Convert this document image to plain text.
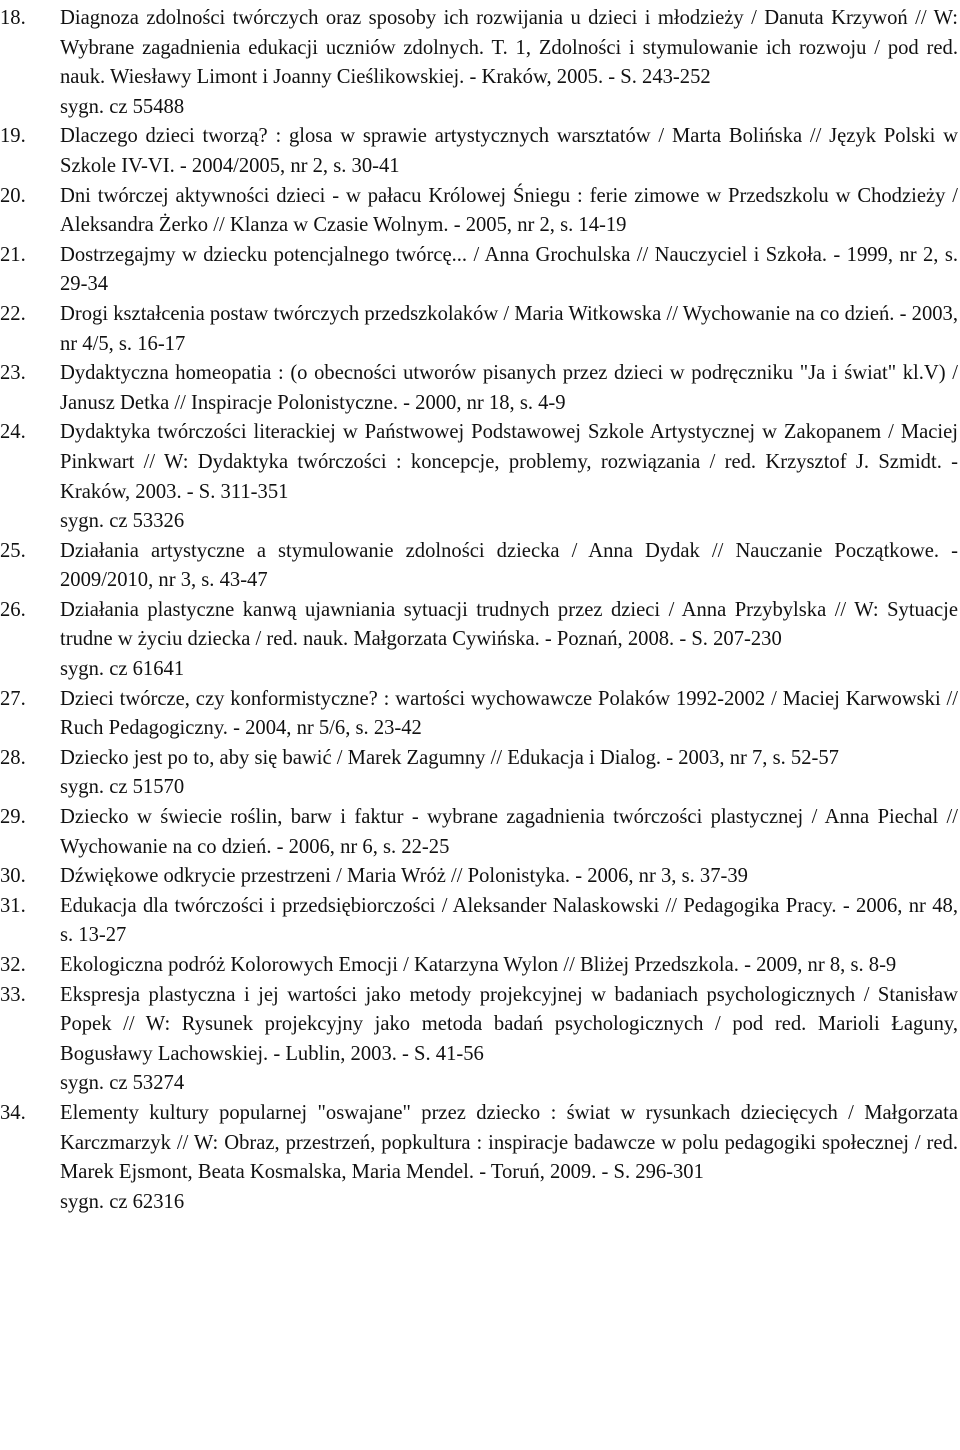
18.	Diagnoza zdolności twórczych oraz sposoby ich rozwijania u dzieci i młodzieży / Danuta Krzywoń // W: Wybrane zagadnienia edukacji uczniów zdolnych. T. 1, Zdolności i stymulowanie ich rozwoju / pod red. nauk. Wiesławy Limont i Joanny Cieślikowskiej. - Kraków, 2005. - S. 243-252
sygn. cz 55488
19.	Dlaczego dzieci tworzą? : glosa w sprawie artystycznych warsztatów / Marta Bolińska // Język Polski w Szkole IV-VI. - 2004/2005, nr 2, s. 30-41
20.	Dni twórczej aktywności dzieci - w pałacu Królowej Śniegu : ferie zimowe w Przedszkolu w Chodzieży / Aleksandra Żerko // Klanza w Czasie Wolnym. - 2005, nr 2, s. 14-19
21.	Dostrzegajmy w dziecku potencjalnego twórcę... / Anna Grochulska // Nauczyciel i Szkoła. - 1999, nr 2, s. 29-34
22.	Drogi kształcenia postaw twórczych przedszkolaków / Maria Witkowska // Wychowanie na co dzień. - 2003, nr 4/5, s. 16-17
23.	Dydaktyczna homeopatia : (o obecności utworów pisanych przez dzieci w podręczniku "Ja i świat" kl.V) / Janusz Detka // Inspiracje Polonistyczne. - 2000, nr 18, s. 4-9
24.	Dydaktyka twórczości literackiej w Państwowej Podstawowej Szkole Artystycznej w Zakopanem / Maciej Pinkwart // W: Dydaktyka twórczości : koncepcje, problemy, rozwiązania / red. Krzysztof J. Szmidt. - Kraków, 2003. - S. 311-351
sygn. cz 53326
25.	Działania artystyczne a stymulowanie zdolności dziecka / Anna Dydak // Nauczanie Początkowe. - 2009/2010, nr 3, s. 43-47
26.	Działania plastyczne kanwą ujawniania sytuacji trudnych przez dzieci / Anna Przybylska // W: Sytuacje trudne w życiu dziecka / red. nauk. Małgorzata Cywińska. - Poznań, 2008. - S. 207-230
sygn. cz 61641
27.	Dzieci twórcze, czy konformistyczne? : wartości wychowawcze Polaków 1992-2002 / Maciej Karwowski // Ruch Pedagogiczny. - 2004, nr 5/6, s. 23-42
28.	Dziecko jest po to, aby się bawić / Marek Zagumny // Edukacja i Dialog. - 2003, nr 7, s. 52-57
sygn. cz 51570
29.	Dziecko w świecie roślin, barw i faktur - wybrane zagadnienia twórczości plastycznej / Anna Piechal // Wychowanie na co dzień. - 2006, nr 6, s. 22-25
30.	Dźwiękowe odkrycie przestrzeni / Maria Wróż // Polonistyka. - 2006, nr 3, s. 37-39
31.	Edukacja dla twórczości i przedsiębiorczości / Aleksander Nalaskowski // Pedagogika Pracy. - 2006, nr 48, s. 13-27
32.	Ekologiczna podróż Kolorowych Emocji / Katarzyna Wylon // Bliżej Przedszkola. - 2009, nr 8, s. 8-9
33.	Ekspresja plastyczna i jej wartości jako metody projekcyjnej w badaniach psychologicznych / Stanisław Popek // W: Rysunek projekcyjny jako metoda badań psychologicznych / pod red. Marioli Łaguny, Bogusławy Lachowskiej. - Lublin, 2003. - S. 41-56
sygn. cz 53274
34.	Elementy kultury popularnej "oswajane" przez dziecko : świat w rysunkach dziecięcych / Małgorzata Karczmarzyk // W: Obraz, przestrzeń, popkultura : inspiracje badawcze w polu pedagogiki społecznej / red. Marek Ejsmont, Beata Kosmalska, Maria Mendel. - Toruń, 2009. - S. 296-301
sygn. cz 62316
